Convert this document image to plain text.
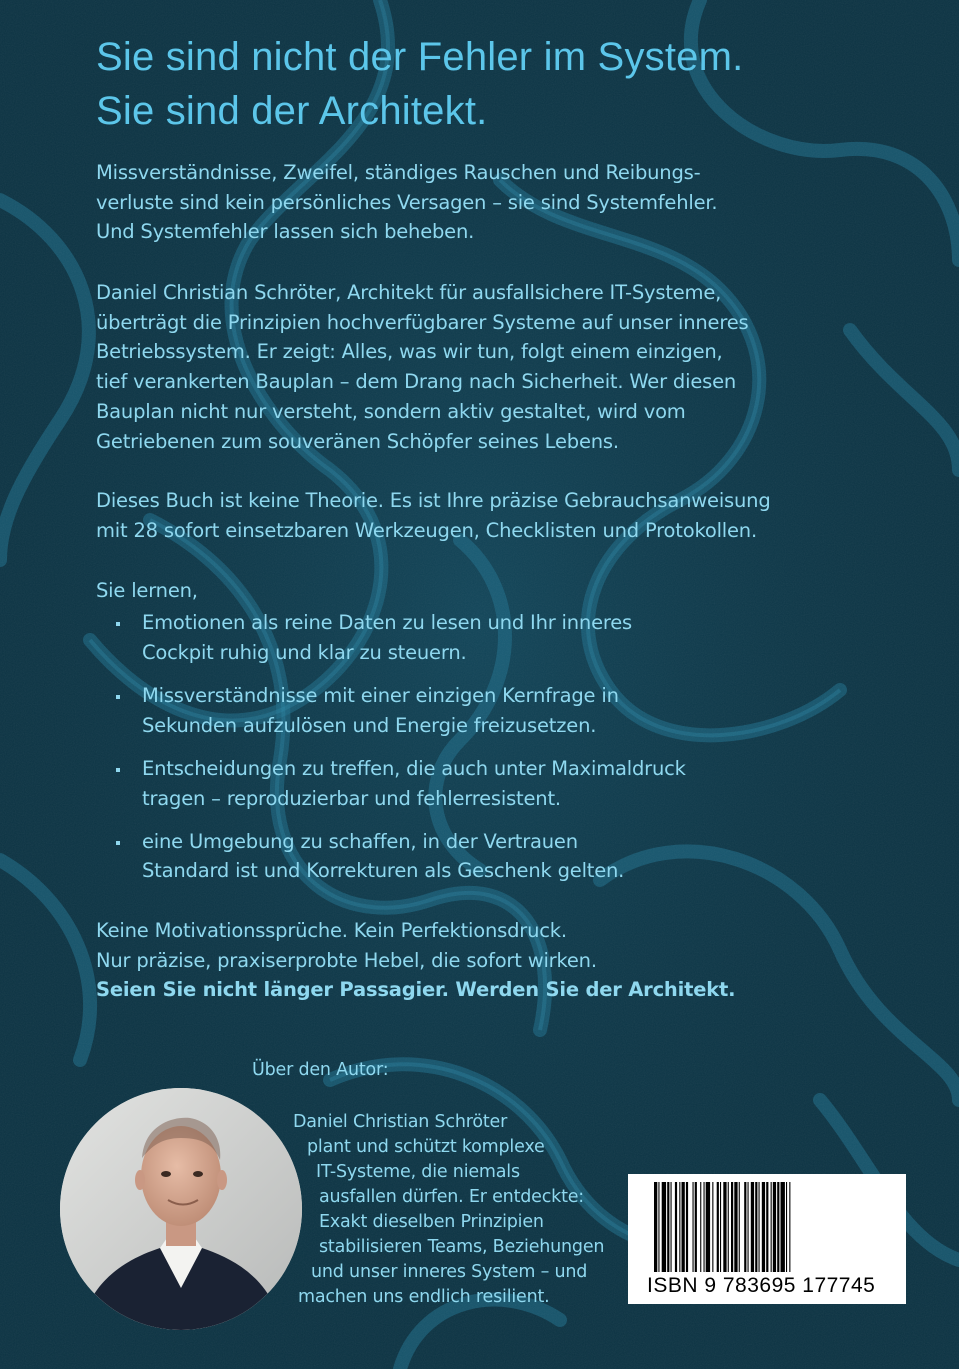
Sie sind nicht der Fehler im System.
Sie sind der Architekt.
Missverständnisse, Zweifel, ständiges Rauschen und Reibungs-
verluste sind kein persönliches Versagen – sie sind Systemfehler.
Und Systemfehler lassen sich beheben.
Daniel Christian Schröter, Architekt für ausfallsichere IT-Systeme,
überträgt die Prinzipien hochverfügbarer Systeme auf unser inneres
Betriebssystem. Er zeigt: Alles, was wir tun, folgt einem einzigen,
tief verankerten Bauplan – dem Drang nach Sicherheit. Wer diesen
Bauplan nicht nur versteht, sondern aktiv gestaltet, wird vom
Getriebenen zum souveränen Schöpfer seines Lebens.
Dieses Buch ist keine Theorie. Es ist Ihre präzise Gebrauchsanweisung
mit 28 sofort einsetzbaren Werkzeugen, Checklisten und Protokollen.
Sie lernen,
Emotionen als reine Daten zu lesen und Ihr inneres
Cockpit ruhig und klar zu steuern.
Missverständnisse mit einer einzigen Kernfrage in
Sekunden aufzulösen und Energie freizusetzen.
Entscheidungen zu treffen, die auch unter Maximaldruck
tragen – reproduzierbar und fehlerresistent.
eine Umgebung zu schaffen, in der Vertrauen
Standard ist und Korrekturen als Geschenk gelten.
Keine Motivationssprüche. Kein Perfektionsdruck.
Nur präzise, praxiserprobte Hebel, die sofort wirken.
Seien Sie nicht länger Passagier. Werden Sie der Architekt.
Über den Autor:
Daniel Christian Schröter
plant und schützt komplexe
IT-Systeme, die niemals
ausfallen dürfen. Er entdeckte:
Exakt dieselben Prinzipien
stabilisieren Teams, Beziehungen
und unser inneres System – und
machen uns endlich resilient.	ISBN 9 783695 177745
